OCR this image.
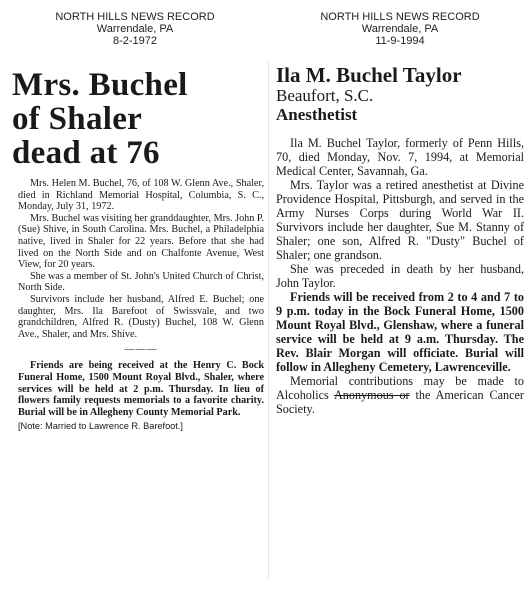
NORTH HILLS NEWS RECORD
Warrendale, PA
8-2-1972
Mrs. Buchel
of Shaler
dead at 76

Mrs. Helen M. Buchel, 76, of 108 W. Glenn Ave., Shaler, died in Richland Memorial Hospital, Columbia, S. C., Monday, July 31, 1972.

Mrs. Buchel was visiting her granddaughter, Mrs. John P. (Sue) Shive, in South Carolina. Mrs. Buchel, a Philadelphia native, lived in Shaler for 22 years. Before that she had lived on the North Side and on Chalfonte Avenue, West View, for 20 years.

She was a member of St. John's United Church of Christ, North Side.

Survivors include her husband, Alfred E. Buchel; one daughter, Mrs. Ila Barefoot of Swissvale, and two grandchildren, Alfred R. (Dusty) Buchel, 108 W. Glenn Ave., Shaler, and Mrs. Shive.

———

Friends are being received at the Henry C. Bock Funeral Home, 1500 Mount Royal Blvd., Shaler, where services will be held at 2 p.m. Thursday. In lieu of flowers family requests memorials to a favorite charity. Burial will be in Allegheny County Memorial Park.

[Note: Married to Lawrence R. Barefoot.]
NORTH HILLS NEWS RECORD
Warrendale, PA
11-9-1994
Ila M. Buchel Taylor
Beaufort, S.C.
Anesthetist

Ila M. Buchel Taylor, formerly of Penn Hills, 70, died Monday, Nov. 7, 1994, at Memorial Medical Center, Savannah, Ga.

Mrs. Taylor was a retired anesthetist at Divine Providence Hospital, Pittsburgh, and served in the Army Nurses Corps during World War II. Survivors include her daughter, Sue M. Stanny of Shaler; one son, Alfred R. "Dusty" Buchel of Shaler; one grandson.

She was preceded in death by her husband, John Taylor.

Friends will be received from 2 to 4 and 7 to 9 p.m. today in the Bock Funeral Home, 1500 Mount Royal Blvd., Glenshaw, where a funeral service will be held at 9 a.m. Thursday. The Rev. Blair Morgan will officiate. Burial will follow in Allegheny Cemetery, Lawrenceville.

Memorial contributions may be made to Alcoholics Anonymous or the American Cancer Society.
